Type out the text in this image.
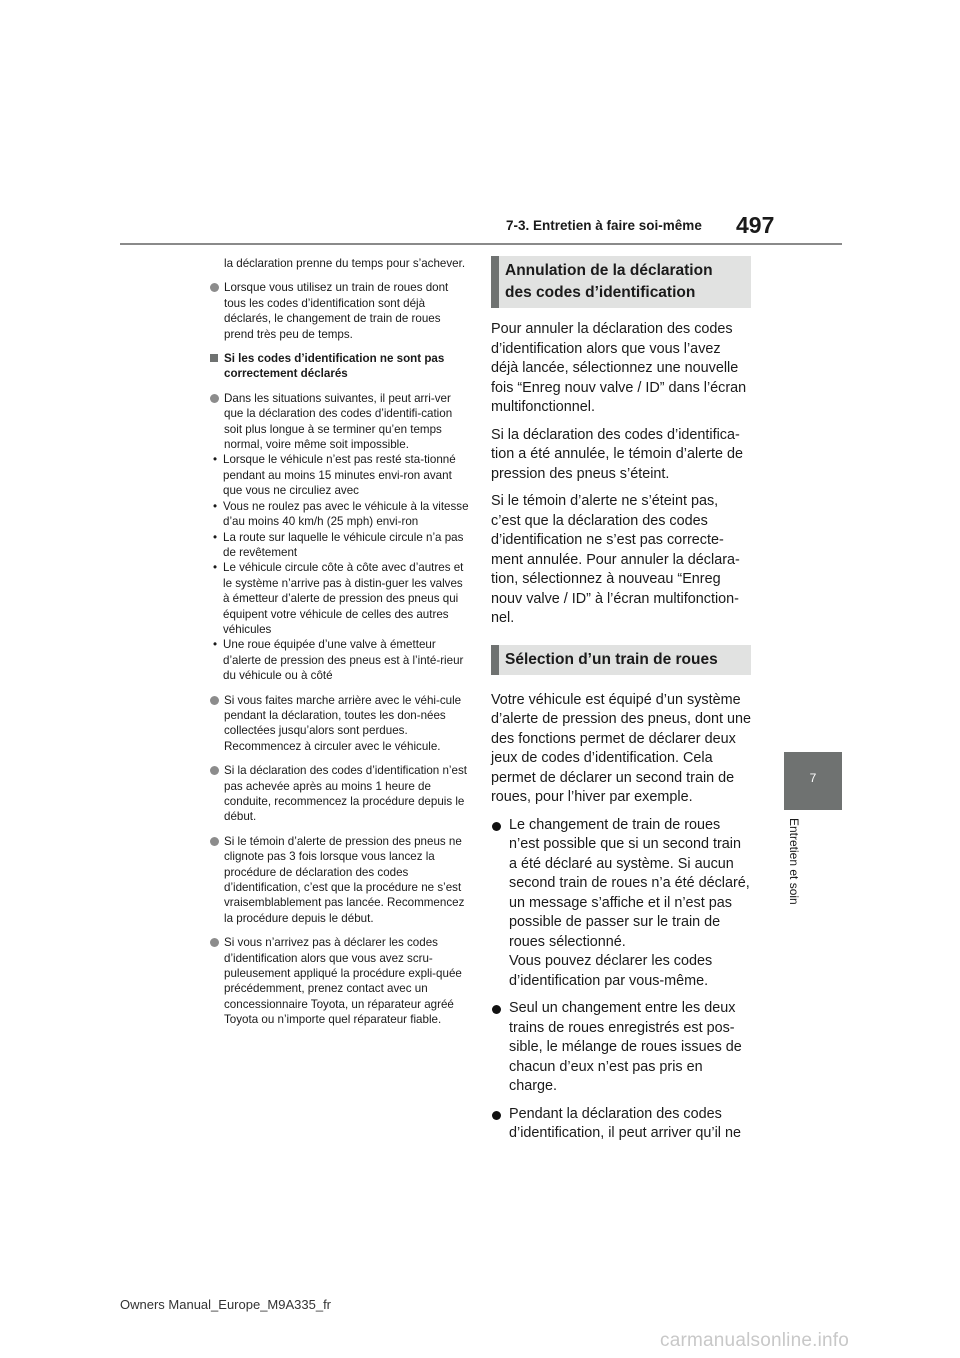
7-3. Entretien à faire soi-même 497
7
Entretien et soin

la déclaration prenne du temps pour s’achever.

Lorsque vous utilisez un train de roues dont tous les codes d’identification sont déjà déclarés, le changement de train de roues prend très peu de temps.
Si les codes d’identification ne sont pas correctement déclarés
Dans les situations suivantes, il peut arri-ver que la déclaration des codes d’identifi-cation soit plus longue à se terminer qu’en temps normal, voire même soit impossible.
• Lorsque le véhicule n’est pas resté sta-tionné pendant au moins 15 minutes envi-ron avant que vous ne circuliez avec
• Vous ne roulez pas avec le véhicule à la vitesse d’au moins 40 km/h (25 mph) envi-ron
• La route sur laquelle le véhicule circule n’a pas de revêtement
• Le véhicule circule côte à côte avec d’autres et le système n’arrive pas à distin-guer les valves à émetteur d’alerte de pression des pneus qui équipent votre véhicule de celles des autres véhicules
• Une roue équipée d’une valve à émetteur d’alerte de pression des pneus est à l’inté-rieur du véhicule ou à côté
Si vous faites marche arrière avec le véhi-cule pendant la déclaration, toutes les don-nées collectées jusqu’alors sont perdues. Recommencez à circuler avec le véhicule.
Si la déclaration des codes d’identification n’est pas achevée après au moins 1 heure de conduite, recommencez la procédure depuis le début.
Si le témoin d’alerte de pression des pneus ne clignote pas 3 fois lorsque vous lancez la procédure de déclaration des codes d’identification, c’est que la procédure ne s’est vraisemblablement pas lancée. Recommencez la procédure depuis le début.
Si vous n’arrivez pas à déclarer les codes d’identification alors que vous avez scru-puleusement appliqué la procédure expli-quée précédemment, prenez contact avec un concessionnaire Toyota, un réparateur agréé Toyota ou n’importe quel réparateur fiable.
Annulation de la déclaration des codes d’identification

Pour annuler la déclaration des codes d’identification alors que vous l’avez déjà lancée, sélectionnez une nouvelle fois “Enreg nouv valve / ID” dans l’écran multifonctionnel.

Si la déclaration des codes d’identifica-tion a été annulée, le témoin d’alerte de pression des pneus s’éteint.

Si le témoin d’alerte ne s’éteint pas, c’est que la déclaration des codes d’identification ne s’est pas correcte-ment annulée. Pour annuler la déclara-tion, sélectionnez à nouveau “Enreg nouv valve / ID” à l’écran multifonction-nel.

Sélection d’un train de roues

Votre véhicule est équipé d’un système d’alerte de pression des pneus, dont une des fonctions permet de déclarer deux jeux de codes d’identification. Cela permet de déclarer un second train de roues, pour l’hiver par exemple.

Le changement de train de roues n’est possible que si un second train a été déclaré au système. Si aucun second train de roues n’a été déclaré, un message s’affiche et il n’est pas possible de passer sur le train de roues sélectionné.
Vous pouvez déclarer les codes d’identification par vous-même.
Seul un changement entre les deux trains de roues enregistrés est pos-sible, le mélange de roues issues de chacun d’eux n’est pas pris en charge.
Pendant la déclaration des codes d’identification, il peut arriver qu’il ne
Owners Manual_Europe_M9A335_fr
carmanualsonline.info
